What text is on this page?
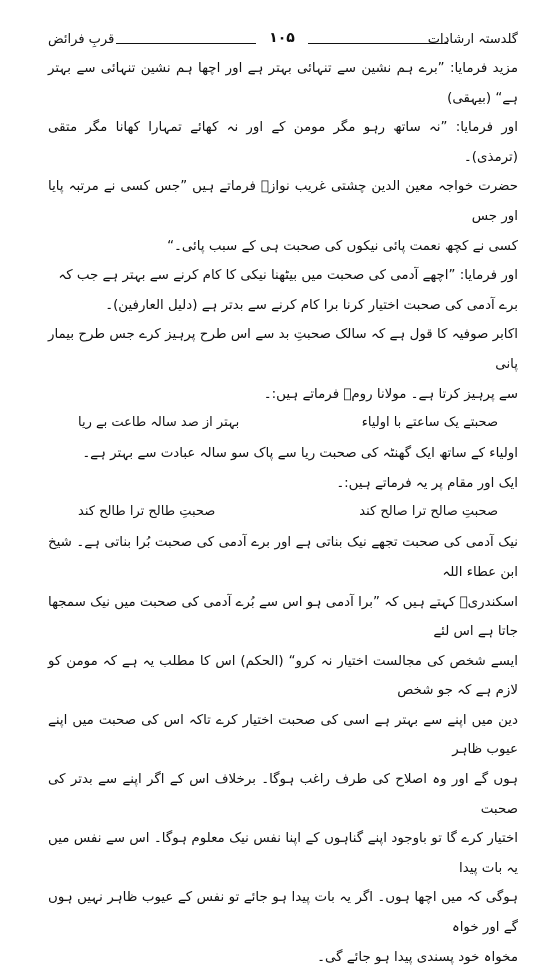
گلدستہ ارشادات
۱۰۵
قربِ فرائض

مزید فرمایا: ”برے ہم نشین سے تنہائی بہتر ہے اور اچھا ہم نشین تنہائی سے بہتر ہے“ (بیہقی)

اور فرمایا: ”نہ ساتھ رہو مگر مومن کے اور نہ کھائے تمہارا کھانا مگر متقی (ترمذی)۔

حضرت خواجہ معین الدین چشتی غریب نوازؒ فرماتے ہیں ”جس کسی نے مرتبہ پایا اور جس

کسی نے کچھ نعمت پائی نیکوں کی صحبت ہی کے سبب پائی۔“

اور فرمایا: ”اچھے آدمی کی صحبت میں بیٹھنا نیکی کا کام کرنے سے بہتر ہے جب کہ

برے آدمی کی صحبت اختیار کرنا برا کام کرنے سے بدتر ہے (دلیل العارفین)۔

اکابر صوفیہ کا قول ہے کہ سالک صحبتِ بد سے اس طرح پرہیز کرے جس طرح بیمار پانی

سے پرہیز کرتا ہے۔ مولانا رومؒ فرماتے ہیں:۔

صحبتے یک ساعتے با اولیاء
بہتر از صد سالہ طاعت بے ریا

اولیاء کے ساتھ ایک گھنٹہ کی صحبت ریا سے پاک سو سالہ عبادت سے بہتر ہے۔

ایک اور مقام پر یہ فرماتے ہیں:۔

صحبتِ صالح ترا صالح کند
صحبتِ طالح ترا طالح کند

نیک آدمی کی صحبت تجھے نیک بناتی ہے اور برے آدمی کی صحبت بُرا بناتی ہے۔ شیخ ابن عطاء اللہ

اسکندریؒ کہتے ہیں کہ ”برا آدمی ہو اس سے بُرے آدمی کی صحبت میں نیک سمجھا جاتا ہے اس لئے

ایسے شخص کی مجالست اختیار نہ کرو“ (الحکم) اس کا مطلب یہ ہے کہ مومن کو لازم ہے کہ جو شخص

دین میں اپنے سے بہتر ہے اسی کی صحبت اختیار کرے تاکہ اس کی صحبت میں اپنے عیوب ظاہر

ہوں گے اور وہ اصلاح کی طرف راغب ہوگا۔ برخلاف اس کے اگر اپنے سے بدتر کی صحبت

اختیار کرے گا تو باوجود اپنے گناہوں کے اپنا نفس نیک معلوم ہوگا۔ اس سے نفس میں یہ بات پیدا

ہوگی کہ میں اچھا ہوں۔ اگر یہ بات پیدا ہو جائے تو نفس کے عیوب ظاہر نہیں ہوں گے اور خواہ

مخواہ خود پسندی پیدا ہو جائے گی۔
